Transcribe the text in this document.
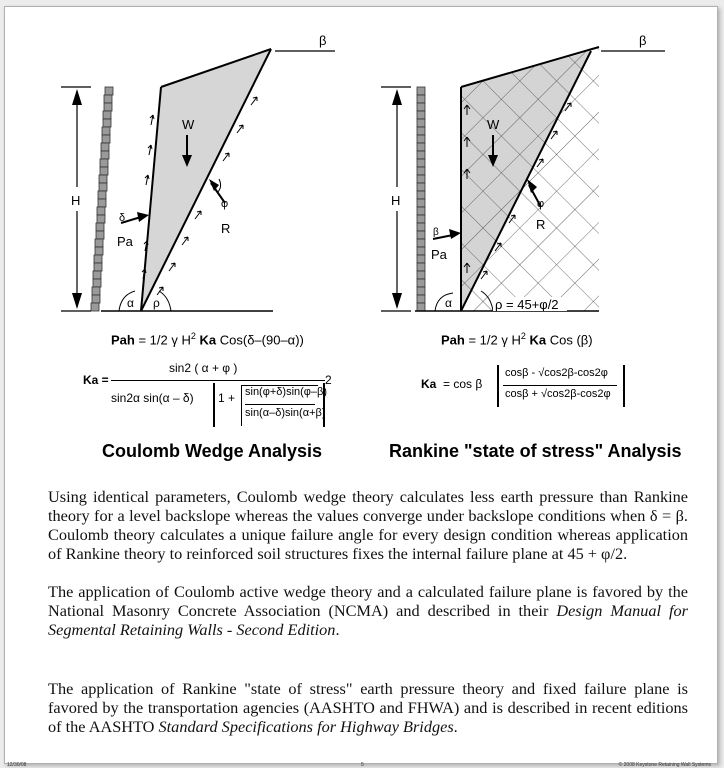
β
H
W
δ
Pa
φ
R
α ρ
β
H
W
β
Pa
φ
R
α	ρ = 45+φ/2
Pah = 1/2 γ $H^2$ Ka Cos(δ–(90–α))
Ka =
sin2 ( α + φ )
sin2α sin(α – δ) 1 + sin(φ+δ)sin(φ–β)
sin(α–δ)sin(α+β)
2
Coulomb Wedge Analysis
Pah = 1/2 γ $H^2$ Ka Cos (β)
Ka = cos β
cosβ - √cos2β-cos2φ
cosβ + √cos2β-cos2φ
Rankine "state of stress" Analysis

Using identical parameters, Coulomb wedge theory calculates less earth pressure than Rankine theory for a level backslope whereas the values converge under backslope conditions when δ = β. Coulomb theory calculates a unique failure angle for every design condition whereas application of Rankine theory to reinforced soil structures fixes the internal failure plane at 45 + φ/2.

The application of Coulomb active wedge theory and a calculated failure plane is favored by the National Masonry Concrete Association (NCMA) and described in their Design Manual for Segmental Retaining Walls - Second Edition.

The application of Rankine "state of stress" earth pressure theory and fixed failure plane is favored by the transportation agencies (AASHTO and FHWA) and is described in recent editions of the AASHTO Standard Specifications for Highway Bridges.

12/30/08	5	© 2008 Keystone Retaining Wall Systems
